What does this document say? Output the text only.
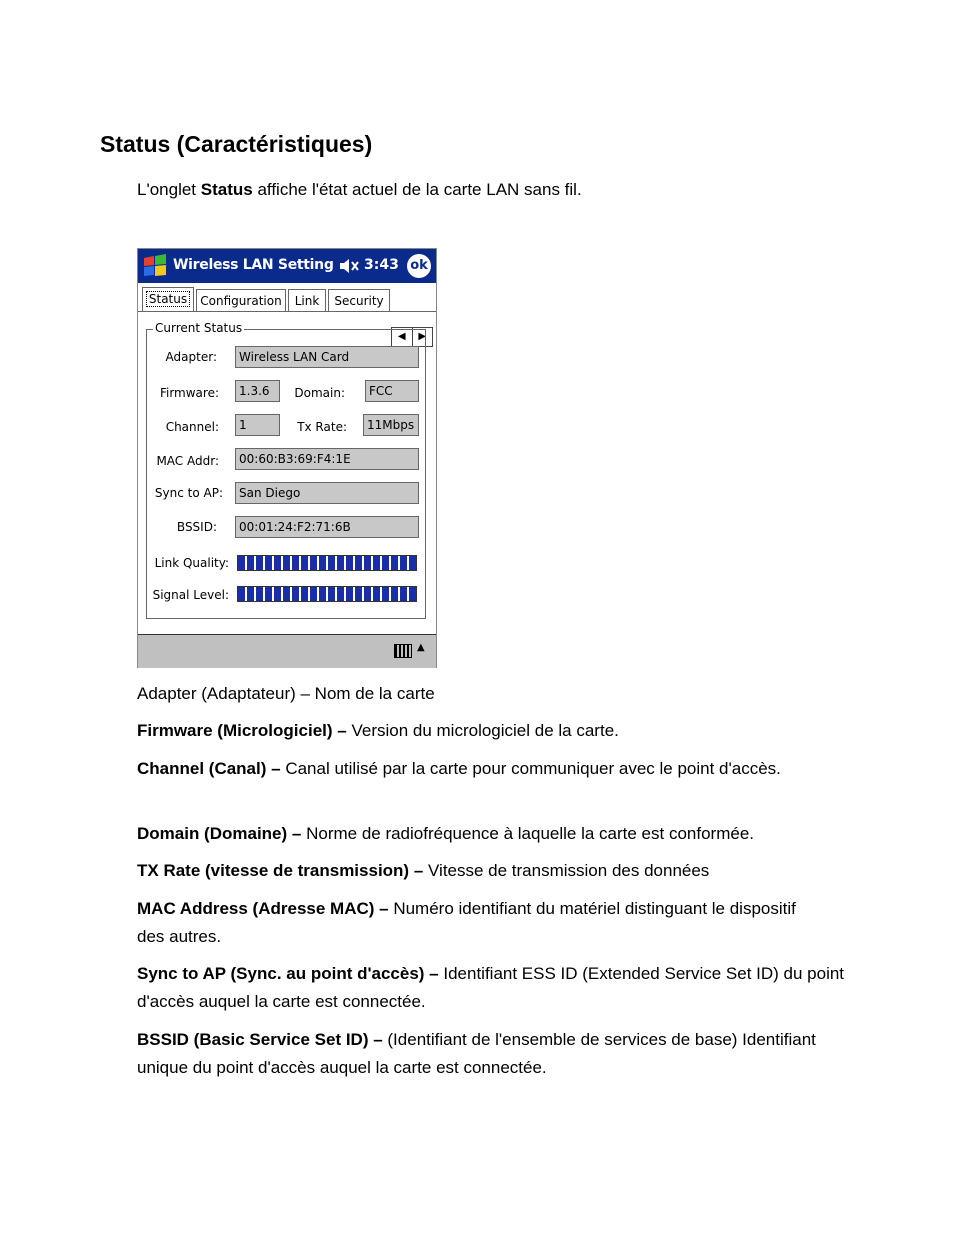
Status (Caractéristiques)
L'onglet Status affiche l'état actuel de la carte LAN sans fil.
Wireless LAN Setting 3:43 ok
Status	Configuration	Link	Security
◀	▶
Current Status
Adapter:	Wireless LAN Card
Firmware:	1.3.6	Domain:	FCC
Channel:	1	Tx Rate:	11Mbps
MAC Addr:	00:60:B3:69:F4:1E
Sync to AP:	San Diego
BSSID:	00:01:24:F2:71:6B
Link Quality:
Signal Level:
▲
Adapter (Adaptateur) – Nom de la carte
Firmware (Micrologiciel) – Version du micrologiciel de la carte.
Channel (Canal) – Canal utilisé par la carte pour communiquer avec le point d'accès.
Domain (Domaine) – Norme de radiofréquence à laquelle la carte est conformée.
TX Rate (vitesse de transmission) – Vitesse de transmission des données
MAC Address (Adresse MAC) – Numéro identifiant du matériel distinguant le dispositif des autres.
Sync to AP (Sync. au point d'accès) – Identifiant ESS ID (Extended Service Set ID) du point d'accès auquel la carte est connectée.
BSSID (Basic Service Set ID) – (Identifiant de l'ensemble de services de base) Identifiant unique du point d'accès auquel la carte est connectée.
